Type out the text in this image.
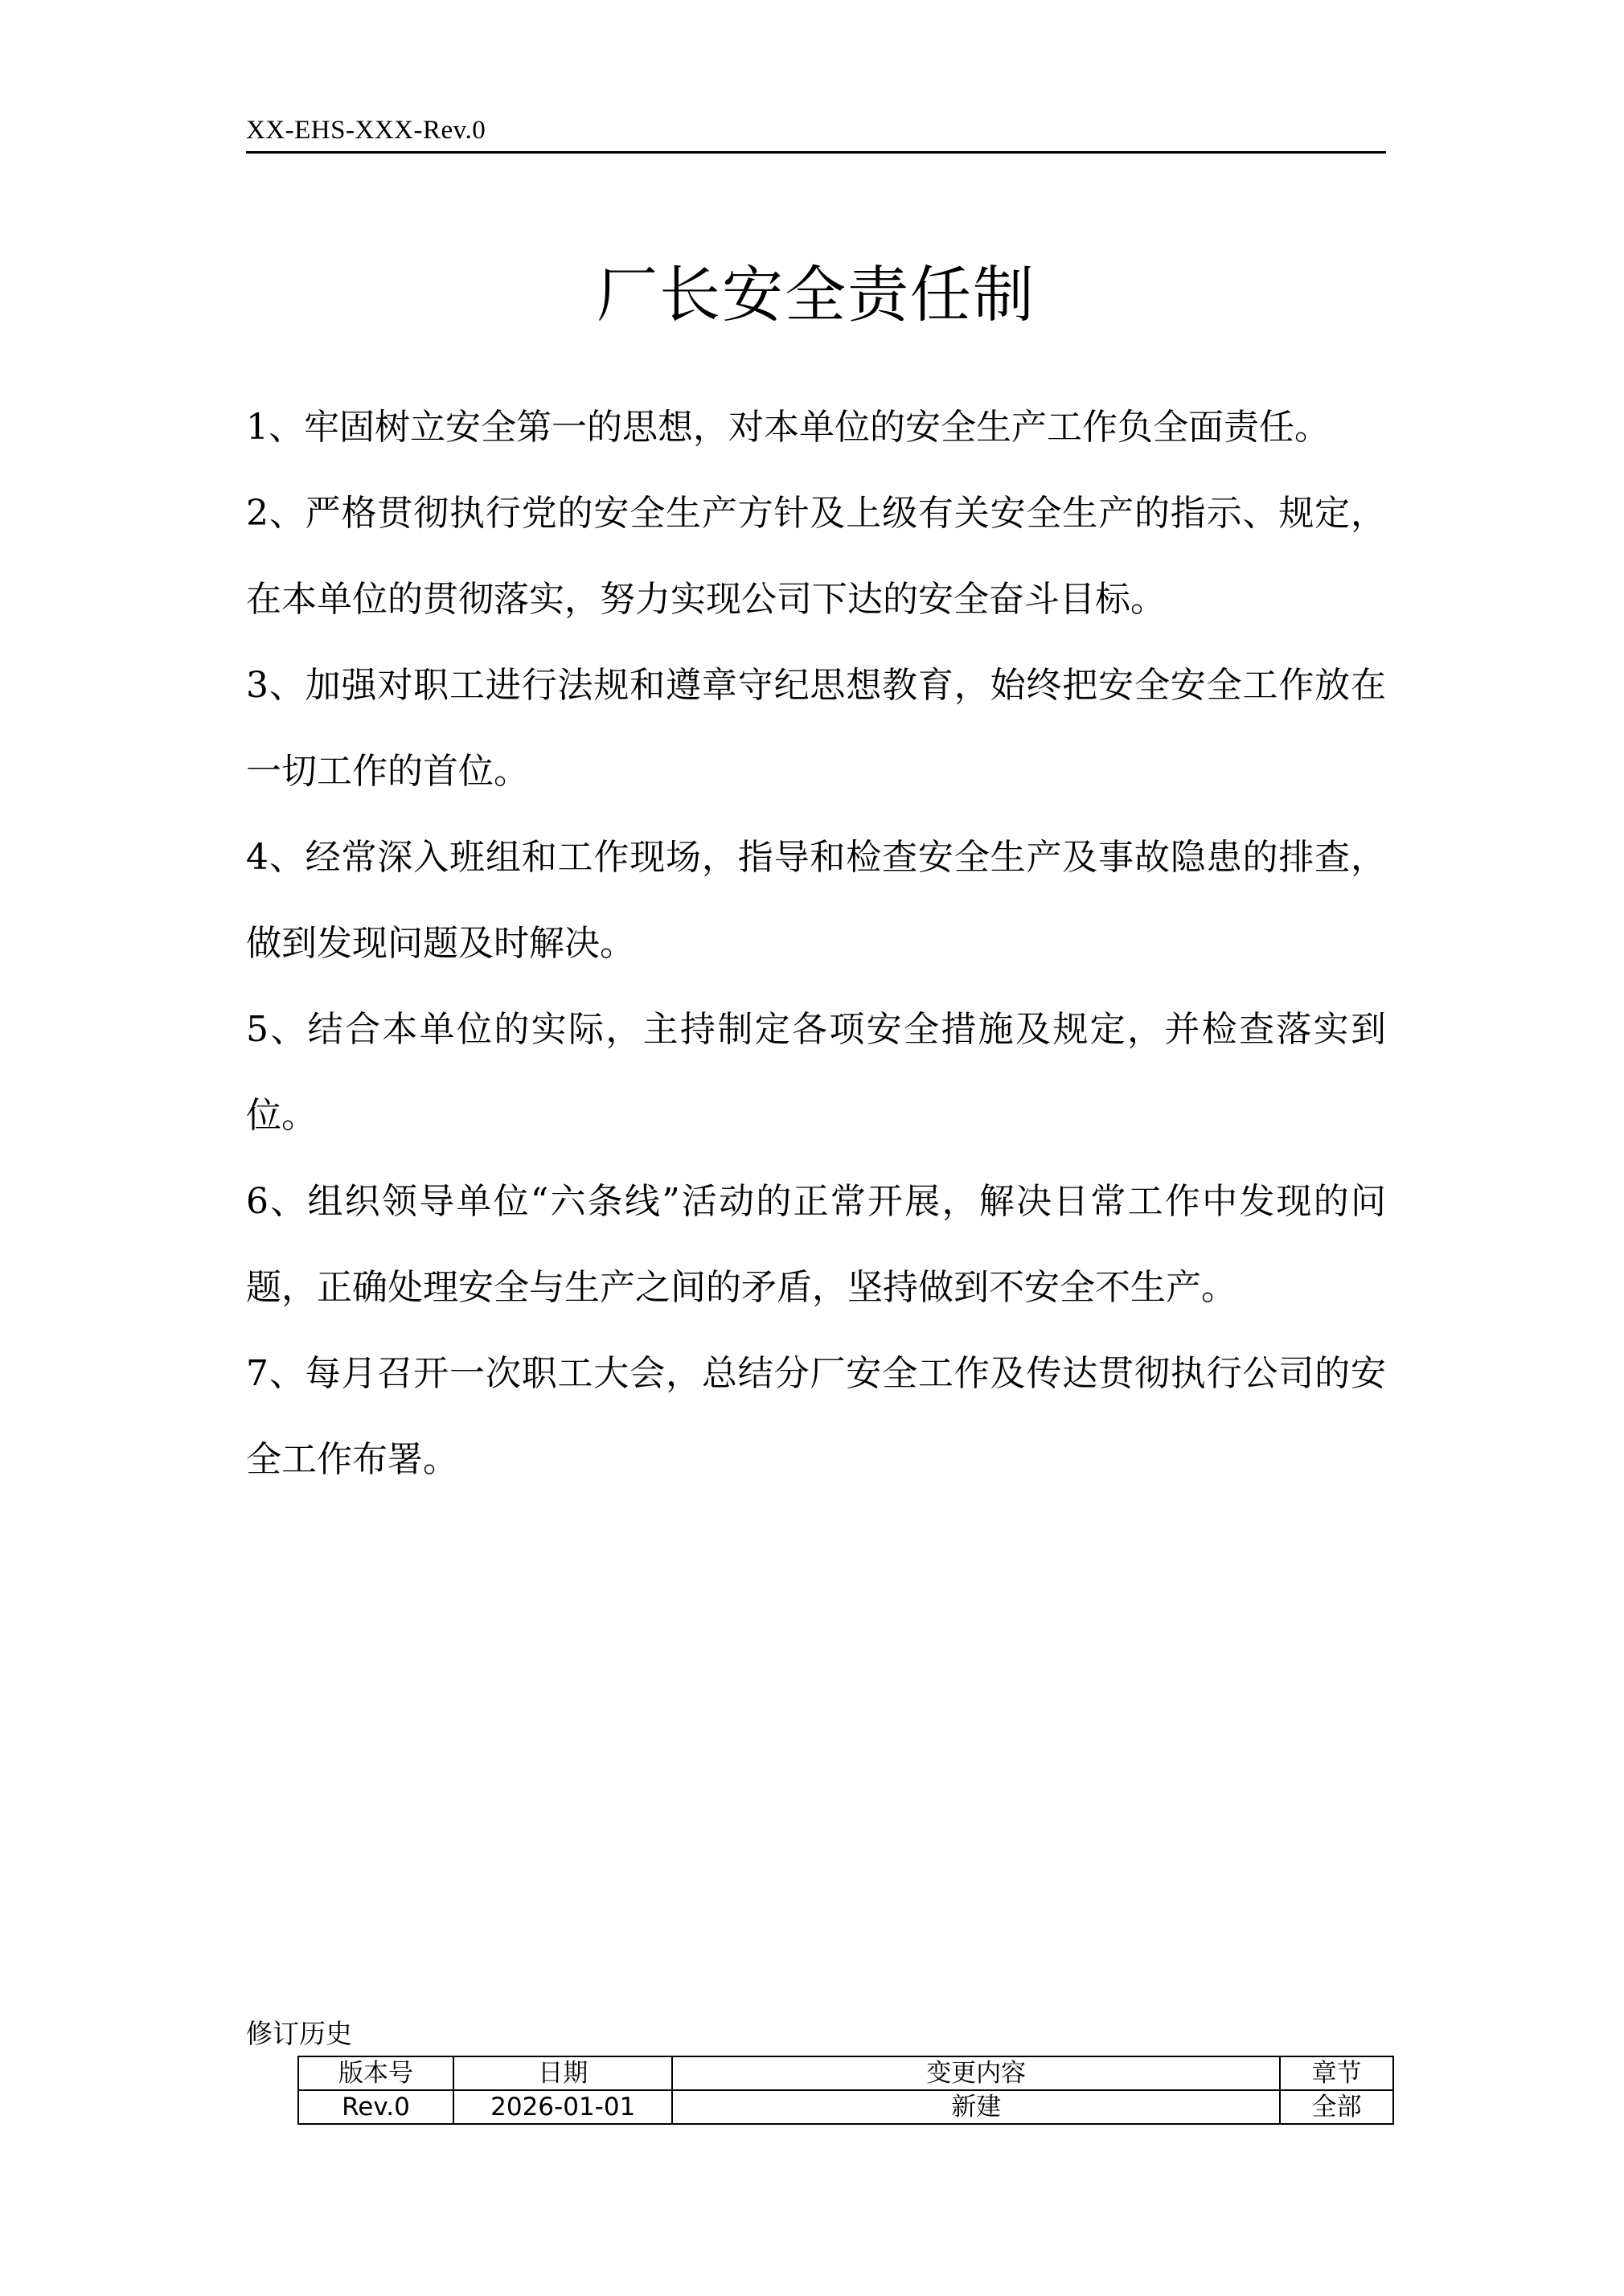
XX-EHS-XXX-Rev.0
厂长安全责任制
1、牢固树立安全第一的思想，对本单位的安全生产工作负全面责任。
2、严格贯彻执行党的安全生产方针及上级有关安全生产的指示、规定，在本单位的贯彻落实，努力实现公司下达的安全奋斗目标。
3、加强对职工进行法规和遵章守纪思想教育，始终把安全安全工作放在一切工作的首位。
4、经常深入班组和工作现场，指导和检查安全生产及事故隐患的排查，做到发现问题及时解决。
5、结合本单位的实际，主持制定各项安全措施及规定，并检查落实到位。
6、组织领导单位“六条线”活动的正常开展，解决日常工作中发现的问题，正确处理安全与生产之间的矛盾，坚持做到不安全不生产。
7、每月召开一次职工大会，总结分厂安全工作及传达贯彻执行公司的安全工作布署。
修订历史
版本号	日期	变更内容	章节
Rev.0	2026-01-01	新建	全部
